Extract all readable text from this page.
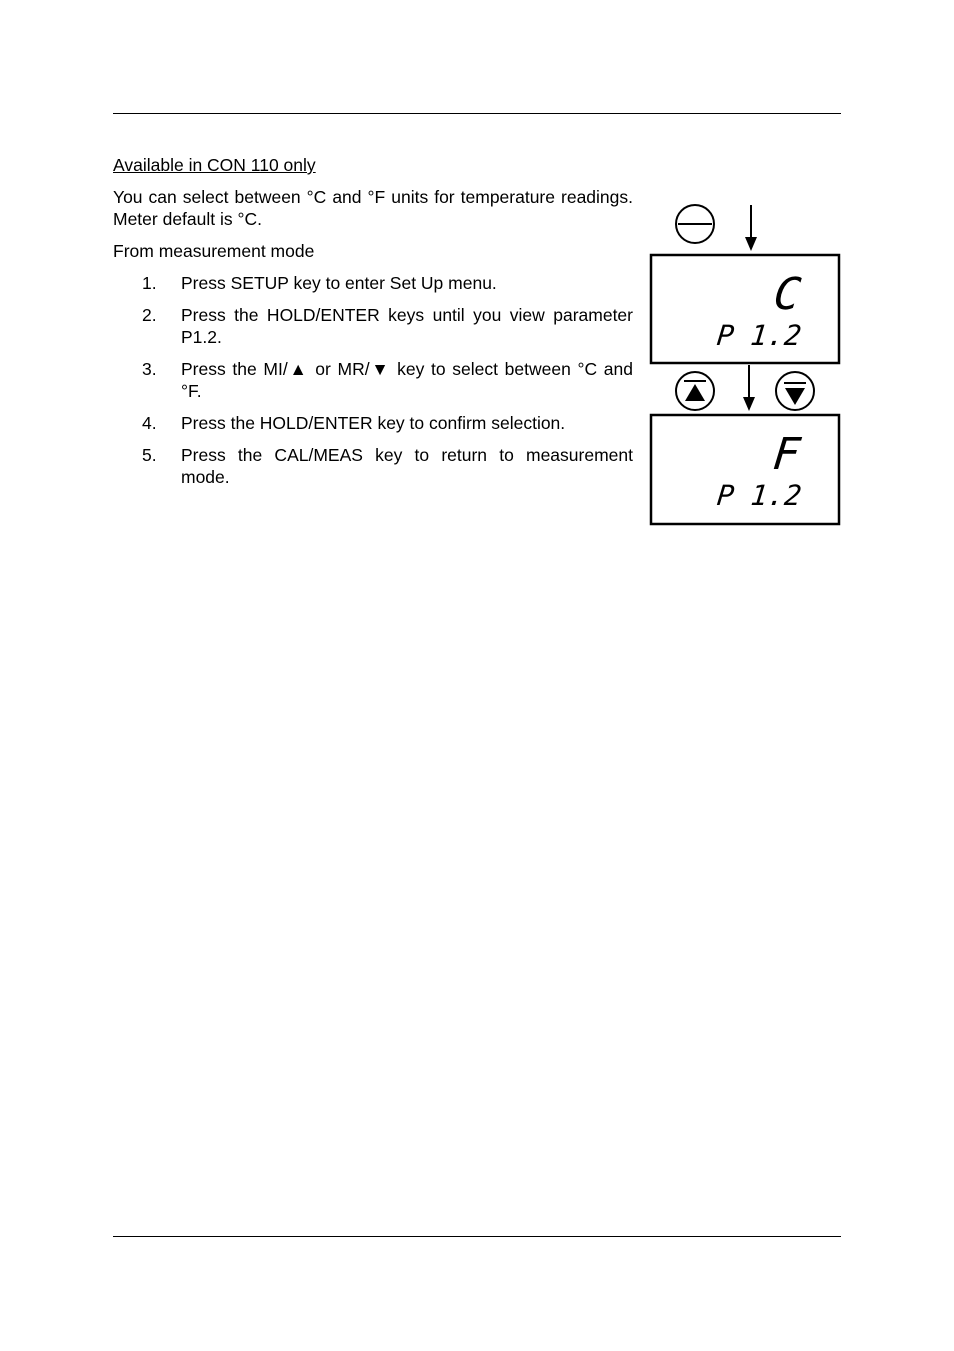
Available in CON 110 only

You can select between °C and °F units for temperature readings. Meter default is °C.

From measurement mode

1.	Press SETUP key to enter Set Up menu.
2.	Press the HOLD/ENTER keys until you view parameter P1.2.
3.	Press the MI/▲ or MR/▼ key to select between °C and °F.
4.	Press the HOLD/ENTER key to confirm selection.
5.	Press the CAL/MEAS key to return to measurement mode.
C
P 1.2
F
P 1.2
